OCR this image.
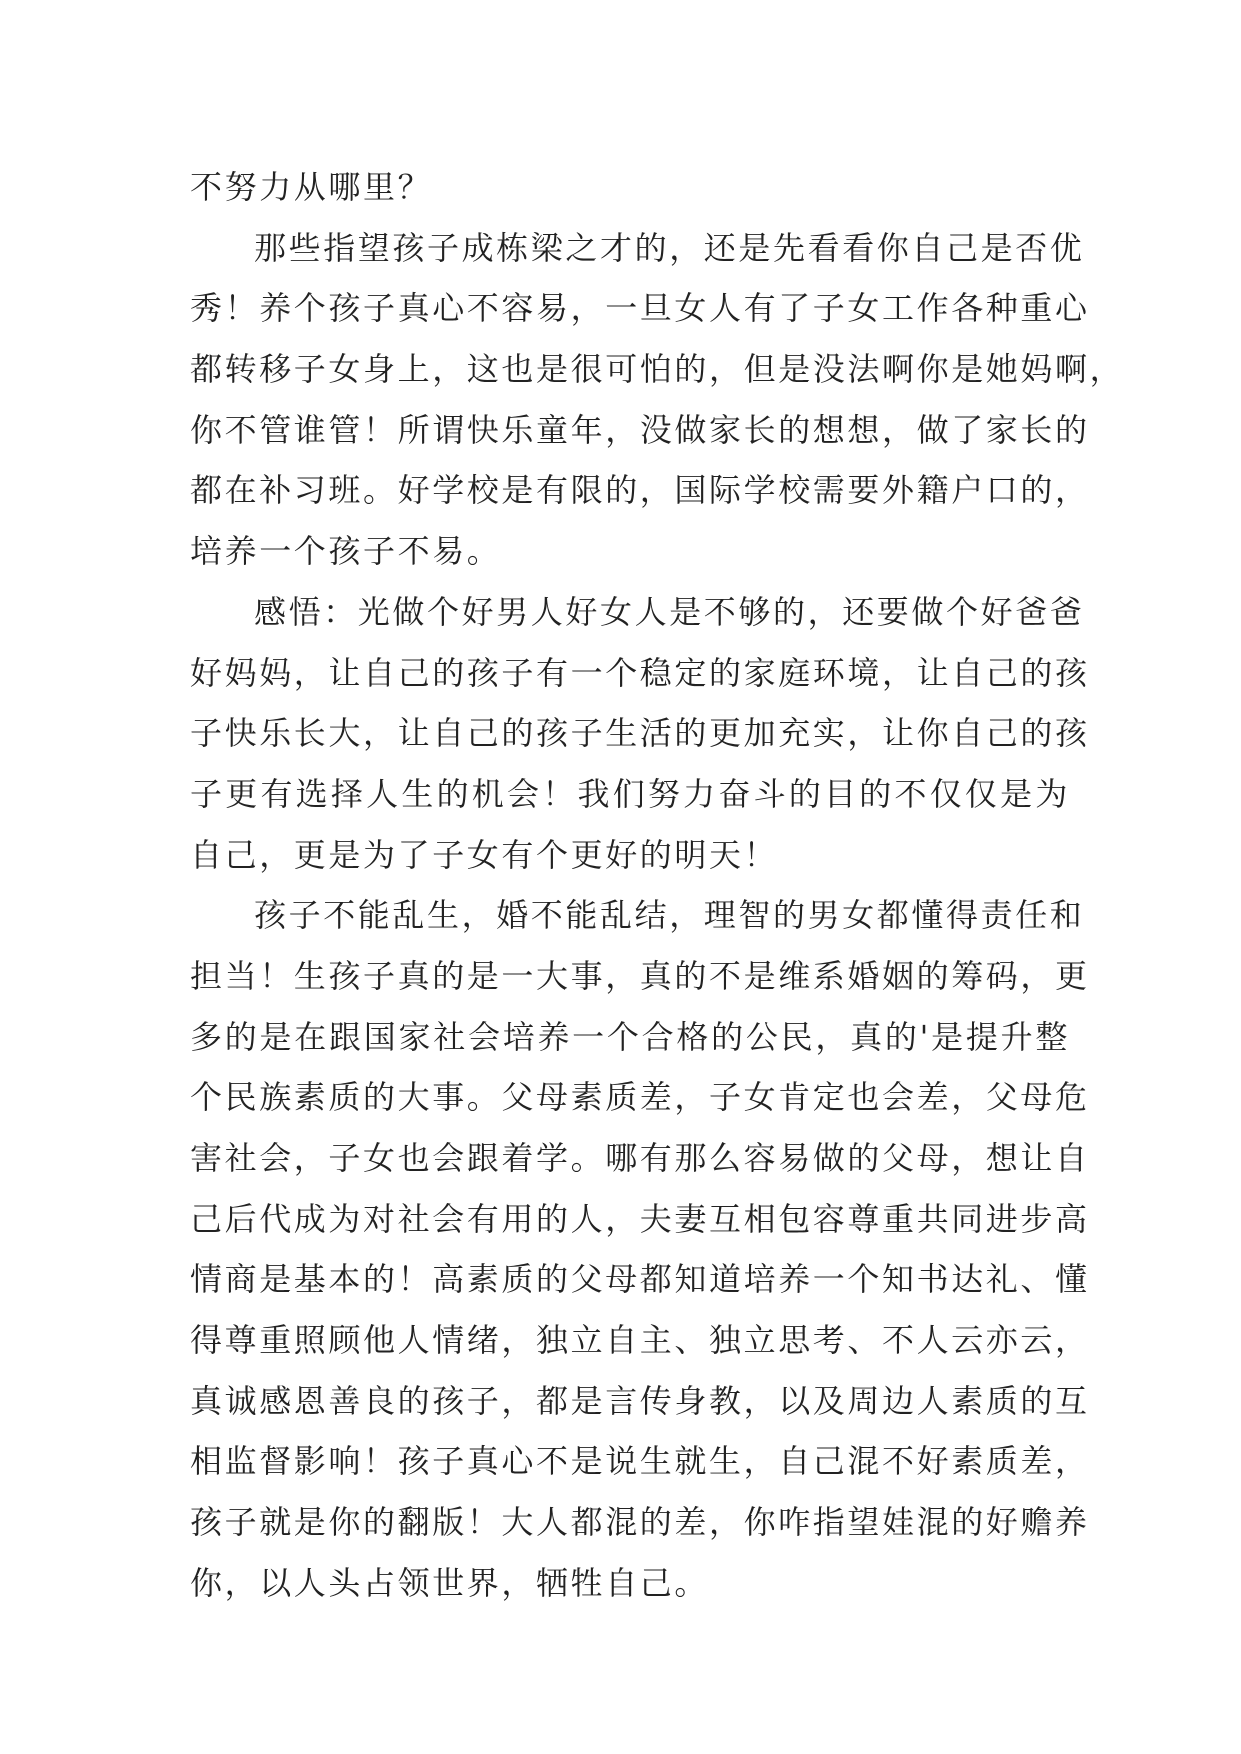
不努力从哪里？
那些指望孩子成栋梁之才的，还是先看看你自己是否优
秀！养个孩子真心不容易，一旦女人有了子女工作各种重心
都转移子女身上，这也是很可怕的，但是没法啊你是她妈啊，
你不管谁管！所谓快乐童年，没做家长的想想，做了家长的
都在补习班。好学校是有限的，国际学校需要外籍户口的，
培养一个孩子不易。
感悟：光做个好男人好女人是不够的，还要做个好爸爸
好妈妈，让自己的孩子有一个稳定的家庭环境，让自己的孩
子快乐长大，让自己的孩子生活的更加充实，让你自己的孩
子更有选择人生的机会！我们努力奋斗的目的不仅仅是为
自己，更是为了子女有个更好的明天！
孩子不能乱生，婚不能乱结，理智的男女都懂得责任和
担当！生孩子真的是一大事，真的不是维系婚姻的筹码，更
多的是在跟国家社会培养一个合格的公民，真的'是提升整
个民族素质的大事。父母素质差，子女肯定也会差，父母危
害社会，子女也会跟着学。哪有那么容易做的父母，想让自
己后代成为对社会有用的人，夫妻互相包容尊重共同进步高
情商是基本的！高素质的父母都知道培养一个知书达礼、懂
得尊重照顾他人情绪，独立自主、独立思考、不人云亦云，
真诚感恩善良的孩子，都是言传身教，以及周边人素质的互
相监督影响！孩子真心不是说生就生，自己混不好素质差，
孩子就是你的翻版！大人都混的差，你咋指望娃混的好赡养
你，以人头占领世界，牺牲自己。
